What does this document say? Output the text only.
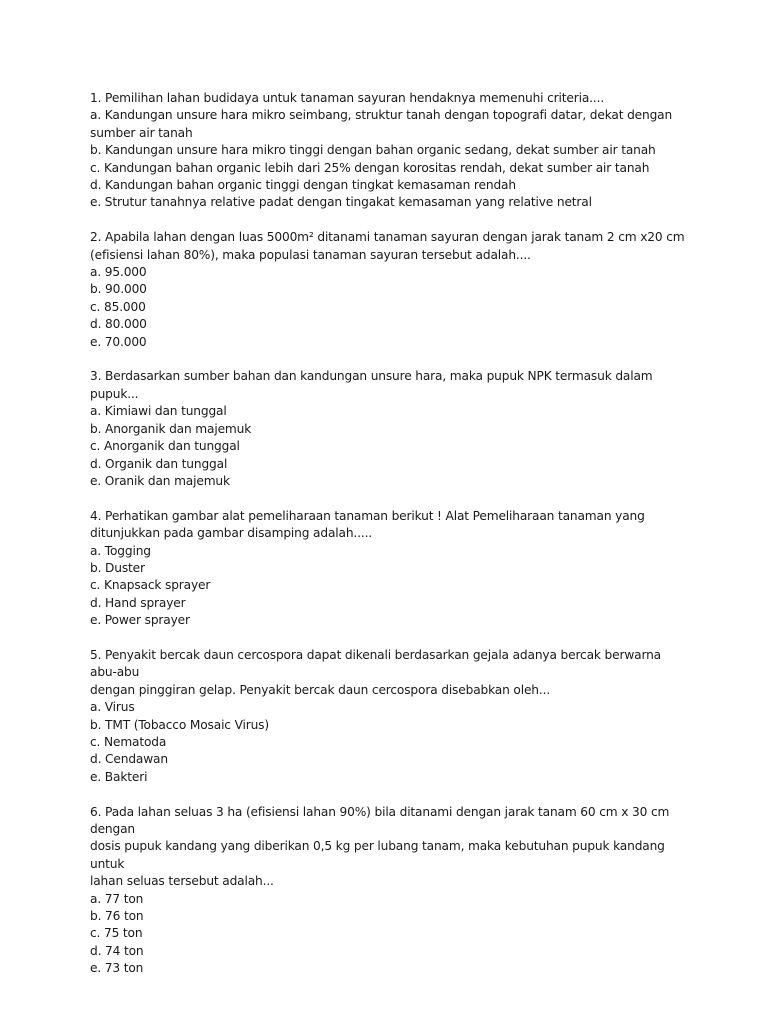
1. Pemilihan lahan budidaya untuk tanaman sayuran hendaknya memenuhi criteria....

a. Kandungan unsure hara mikro seimbang, struktur tanah dengan topografi datar, dekat dengan

sumber air tanah

b. Kandungan unsure hara mikro tinggi dengan bahan organic sedang, dekat sumber air tanah

c. Kandungan bahan organic lebih dari 25% dengan korositas rendah, dekat sumber air tanah

d. Kandungan bahan organic tinggi dengan tingkat kemasaman rendah

e. Strutur tanahnya relative padat dengan tingakat kemasaman yang relative netral

2. Apabila lahan dengan luas 5000m² ditanami tanaman sayuran dengan jarak tanam 2 cm x20 cm

(efisiensi lahan 80%), maka populasi tanaman sayuran tersebut adalah....

a. 95.000

b. 90.000

c. 85.000

d. 80.000

e. 70.000

3. Berdasarkan sumber bahan dan kandungan unsure hara, maka pupuk NPK termasuk dalam pupuk...

a. Kimiawi dan tunggal

b. Anorganik dan majemuk

c. Anorganik dan tunggal

d. Organik dan tunggal

e. Oranik dan majemuk

4. Perhatikan gambar alat pemeliharaan tanaman berikut ! Alat Pemeliharaan tanaman yang

ditunjukkan pada gambar disamping adalah.....

a. Togging

b. Duster

c. Knapsack sprayer

d. Hand sprayer

e. Power sprayer

5. Penyakit bercak daun cercospora dapat dikenali berdasarkan gejala adanya bercak berwarna abu-abu

dengan pinggiran gelap. Penyakit bercak daun cercospora disebabkan oleh...

a. Virus

b. TMT (Tobacco Mosaic Virus)

c. Nematoda

d. Cendawan

e. Bakteri

6. Pada lahan seluas 3 ha (efisiensi lahan 90%) bila ditanami dengan jarak tanam 60 cm x 30 cm dengan

dosis pupuk kandang yang diberikan 0,5 kg per lubang tanam, maka kebutuhan pupuk kandang untuk

lahan seluas tersebut adalah...

a. 77 ton

b. 76 ton

c. 75 ton

d. 74 ton

e. 73 ton
